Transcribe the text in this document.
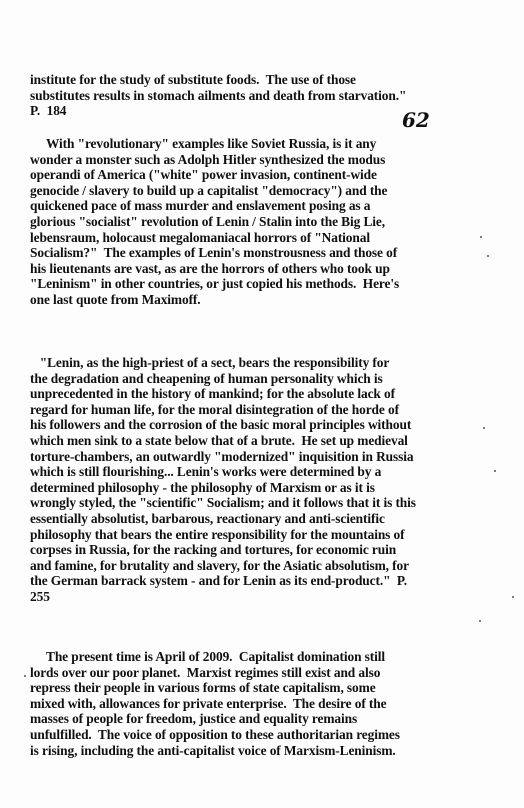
62
institute for the study of substitute foods.  The use of those
substitutes results in stomach ailments and death from starvation."
P.  184
With "revolutionary" examples like Soviet Russia, is it any
wonder a monster such as Adolph Hitler synthesized the modus
operandi of America ("white" power invasion, continent-wide
genocide / slavery to build up a capitalist "democracy") and the
quickened pace of mass murder and enslavement posing as a
glorious "socialist" revolution of Lenin / Stalin into the Big Lie,
lebensraum, holocaust megalomaniacal horrors of "National
Socialism?"  The examples of Lenin's monstrousness and those of
his lieutenants are vast, as are the horrors of others who took up
"Leninism" in other countries, or just copied his methods.  Here's
one last quote from Maximoff.
"Lenin, as the high-priest of a sect, bears the responsibility for
the degradation and cheapening of human personality which is
unprecedented in the history of mankind; for the absolute lack of
regard for human life, for the moral disintegration of the horde of
his followers and the corrosion of the basic moral principles without
which men sink to a state below that of a brute.  He set up medieval
torture-chambers, an outwardly "modernized" inquisition in Russia
which is still flourishing... Lenin's works were determined by a
determined philosophy - the philosophy of Marxism or as it is
wrongly styled, the "scientific" Socialism; and it follows that it is this
essentially absolutist, barbarous, reactionary and anti-scientific
philosophy that bears the entire responsibility for the mountains of
corpses in Russia, for the racking and tortures, for economic ruin
and famine, for brutality and slavery, for the Asiatic absolutism, for
the German barrack system - and for Lenin as its end-product."  P.
255
The present time is April of 2009.  Capitalist domination still
lords over our poor planet.  Marxist regimes still exist and also
repress their people in various forms of state capitalism, some
mixed with, allowances for private enterprise.  The desire of the
masses of people for freedom, justice and equality remains
unfulfilled.  The voice of opposition to these authoritarian regimes
is rising, including the anti-capitalist voice of Marxism-Leninism.
